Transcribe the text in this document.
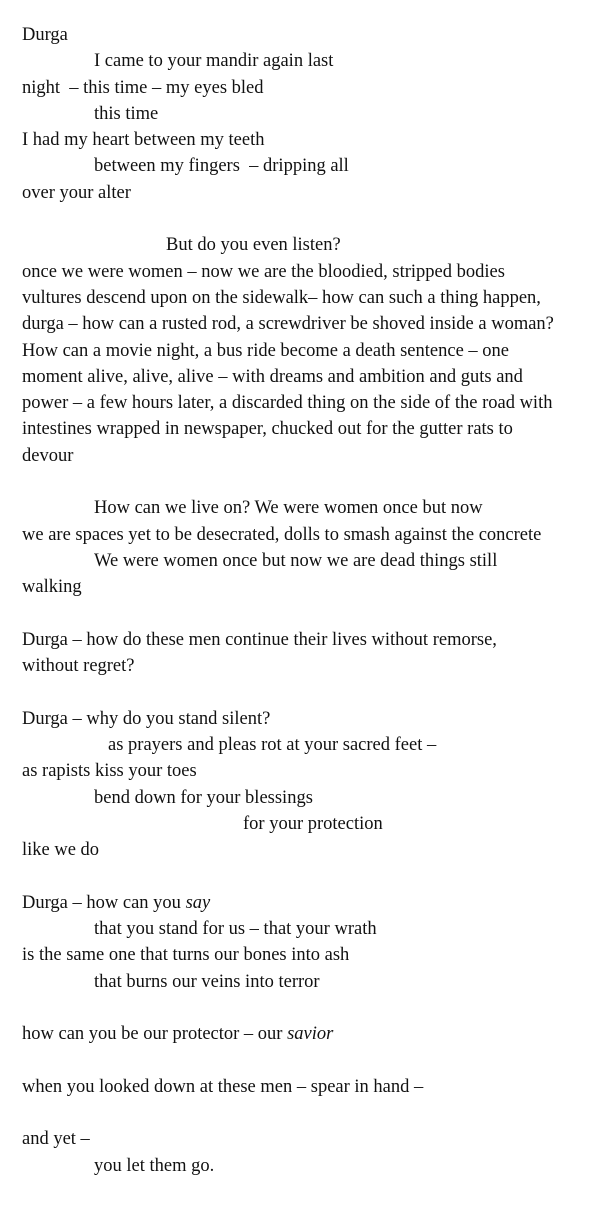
Durga
I came to your mandir again last
night  – this time – my eyes bled
this time
I had my heart between my teeth
between my fingers  – dripping all
over your alter
But do you even listen?
once we were women – now we are the bloodied, stripped bodies
vultures descend upon on the sidewalk– how can such a thing happen,
durga – how can a rusted rod, a screwdriver be shoved inside a woman?
How can a movie night, a bus ride become a death sentence – one
moment alive, alive, alive – with dreams and ambition and guts and
power – a few hours later, a discarded thing on the side of the road with
intestines wrapped in newspaper, chucked out for the gutter rats to
devour
How can we live on? We were women once but now
we are spaces yet to be desecrated, dolls to smash against the concrete
We were women once but now we are dead things still
walking
Durga – how do these men continue their lives without remorse,
without regret?
Durga – why do you stand silent?
as prayers and pleas rot at your sacred feet –
as rapists kiss your toes
bend down for your blessings
for your protection
like we do
Durga – how can you say
that you stand for us – that your wrath
is the same one that turns our bones into ash
that burns our veins into terror
how can you be our protector – our savior
when you looked down at these men – spear in hand –
and yet –
you let them go.
